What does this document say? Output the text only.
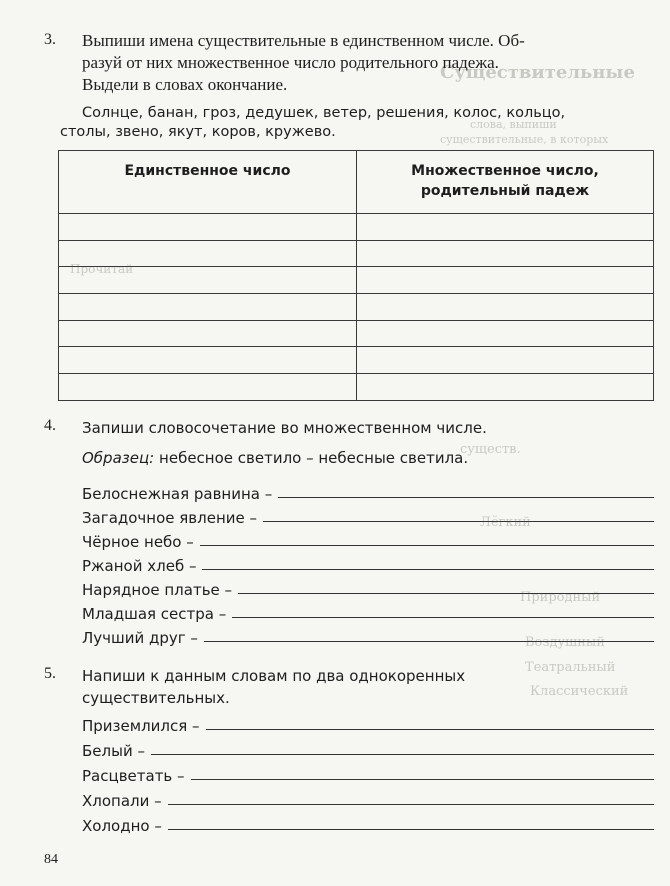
Существительные
слова, выпиши
существительные, в которых
Прочитай
существ.
Лёгкий
Природный
Воздушный
Театральный
Классический
3. Выпиши имена существительные в единственном числе. Об-

разуй от них множественное число родительного падежа.

Выдели в словах окончание.

Солнце, банан, гроз, дедушек, ветер, решения, колос, кольцо,

столы, звено, якут, коров, кружево.

Единственное число	Множественное число,
родительный падеж

4. Запиши словосочетание во множественном числе.

Образец: небесное светило – небесные светила.

Белоснежная равнина –
Загадочное явление –
Чёрное небо –
Ржаной хлеб –
Нарядное платье –
Младшая сестра –
Лучший друг –
5. Напиши к данным словам по два однокоренных

существительных.

Приземлился –
Белый –
Расцветать –
Хлопали –
Холодно –
84
